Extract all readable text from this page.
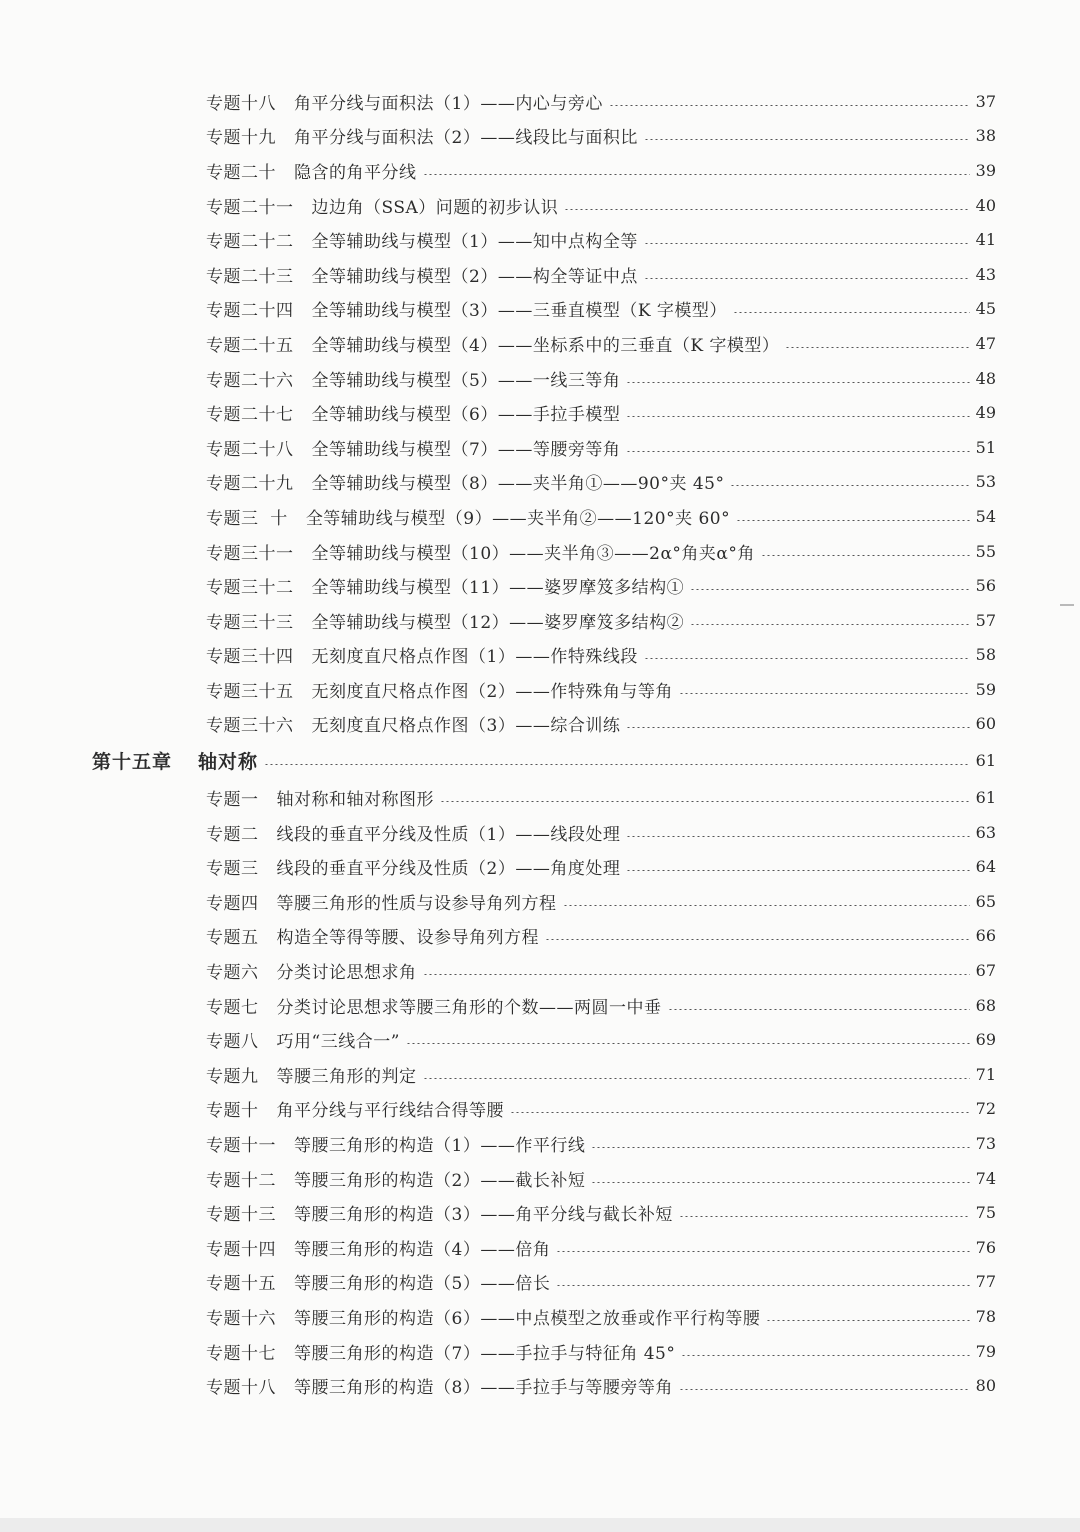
专题十八 角平分线与面积法（1）——内心与旁心	37
专题十九 角平分线与面积法（2）——线段比与面积比	38
专题二十 隐含的角平分线	39
专题二十一 边边角（SSA）问题的初步认识	40
专题二十二 全等辅助线与模型（1）——知中点构全等	41
专题二十三 全等辅助线与模型（2）——构全等证中点	43
专题二十四 全等辅助线与模型（3）——三垂直模型（K 字模型）	45
专题二十五 全等辅助线与模型（4）——坐标系中的三垂直（K 字模型）	47
专题二十六 全等辅助线与模型（5）——一线三等角	48
专题二十七 全等辅助线与模型（6）——手拉手模型	49
专题二十八 全等辅助线与模型（7）——等腰旁等角	51
专题二十九 全等辅助线与模型（8）——夹半角①——90°夹 45°	53
专题三  十 全等辅助线与模型（9）——夹半角②——120°夹 60°	54
专题三十一 全等辅助线与模型（10）——夹半角③——2α°角夹α°角	55
专题三十二 全等辅助线与模型（11）——婆罗摩笈多结构①	56
专题三十三 全等辅助线与模型（12）——婆罗摩笈多结构②	57
专题三十四 无刻度直尺格点作图（1）——作特殊线段	58
专题三十五 无刻度直尺格点作图（2）——作特殊角与等角	59
专题三十六 无刻度直尺格点作图（3）——综合训练	60
第十五章 轴对称	61
专题一 轴对称和轴对称图形	61
专题二 线段的垂直平分线及性质（1）——线段处理	63
专题三 线段的垂直平分线及性质（2）——角度处理	64
专题四 等腰三角形的性质与设参导角列方程	65
专题五 构造全等得等腰、设参导角列方程	66
专题六 分类讨论思想求角	67
专题七 分类讨论思想求等腰三角形的个数——两圆一中垂	68
专题八 巧用“三线合一”	69
专题九 等腰三角形的判定	71
专题十 角平分线与平行线结合得等腰	72
专题十一 等腰三角形的构造（1）——作平行线	73
专题十二 等腰三角形的构造（2）——截长补短	74
专题十三 等腰三角形的构造（3）——角平分线与截长补短	75
专题十四 等腰三角形的构造（4）——倍角	76
专题十五 等腰三角形的构造（5）——倍长	77
专题十六 等腰三角形的构造（6）——中点模型之放垂或作平行构等腰	78
专题十七 等腰三角形的构造（7）——手拉手与特征角 45°	79
专题十八 等腰三角形的构造（8）——手拉手与等腰旁等角	80
